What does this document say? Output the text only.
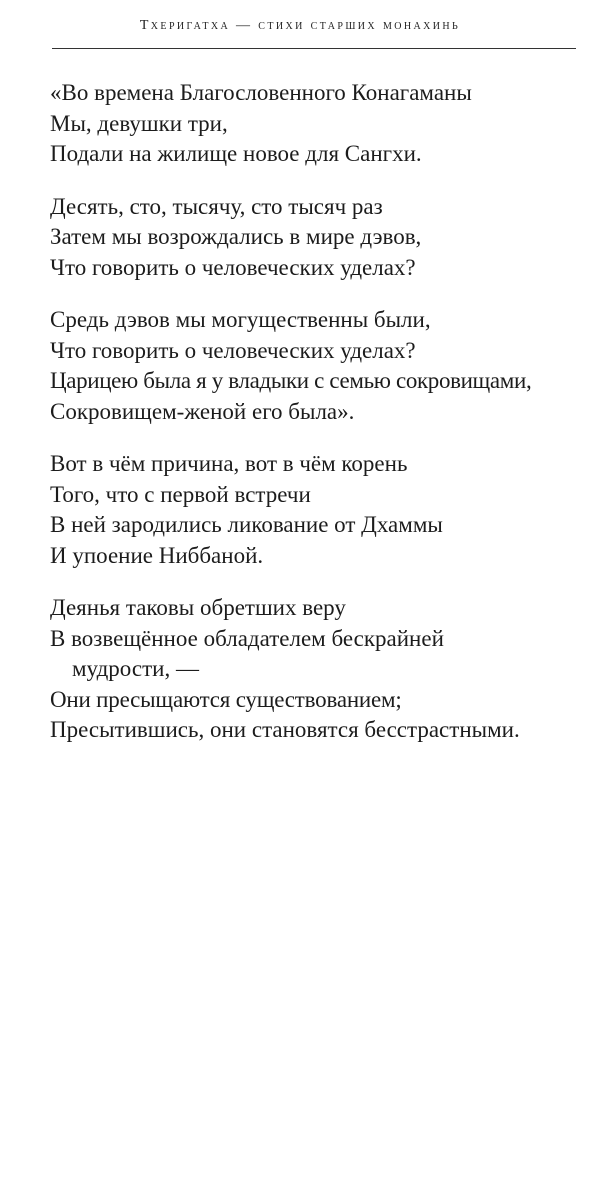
Тхеригатха — стихи старших монахинь
«Во времена Благословенного Конагаманы
Мы, девушки три,
Подали на жилище новое для Сангхи.
Десять, сто, тысячу, сто тысяч раз
Затем мы возрождались в мире дэвов,
Что говорить о человеческих уделах?
Средь дэвов мы могущественны были,
Что говорить о человеческих уделах?
Царицею была я у владыки с семью сокровищами,
Сокровищем-женой его была».
Вот в чём причина, вот в чём корень
Того, что с первой встречи
В ней зародились ликование от Дхаммы
И упоение Ниббаной.
Деянья таковы обретших веру
В возвещённое обладателем бескрайней
мудрости, —
Они пресыщаются существованием;
Пресытившись, они становятся бесстрастными.
